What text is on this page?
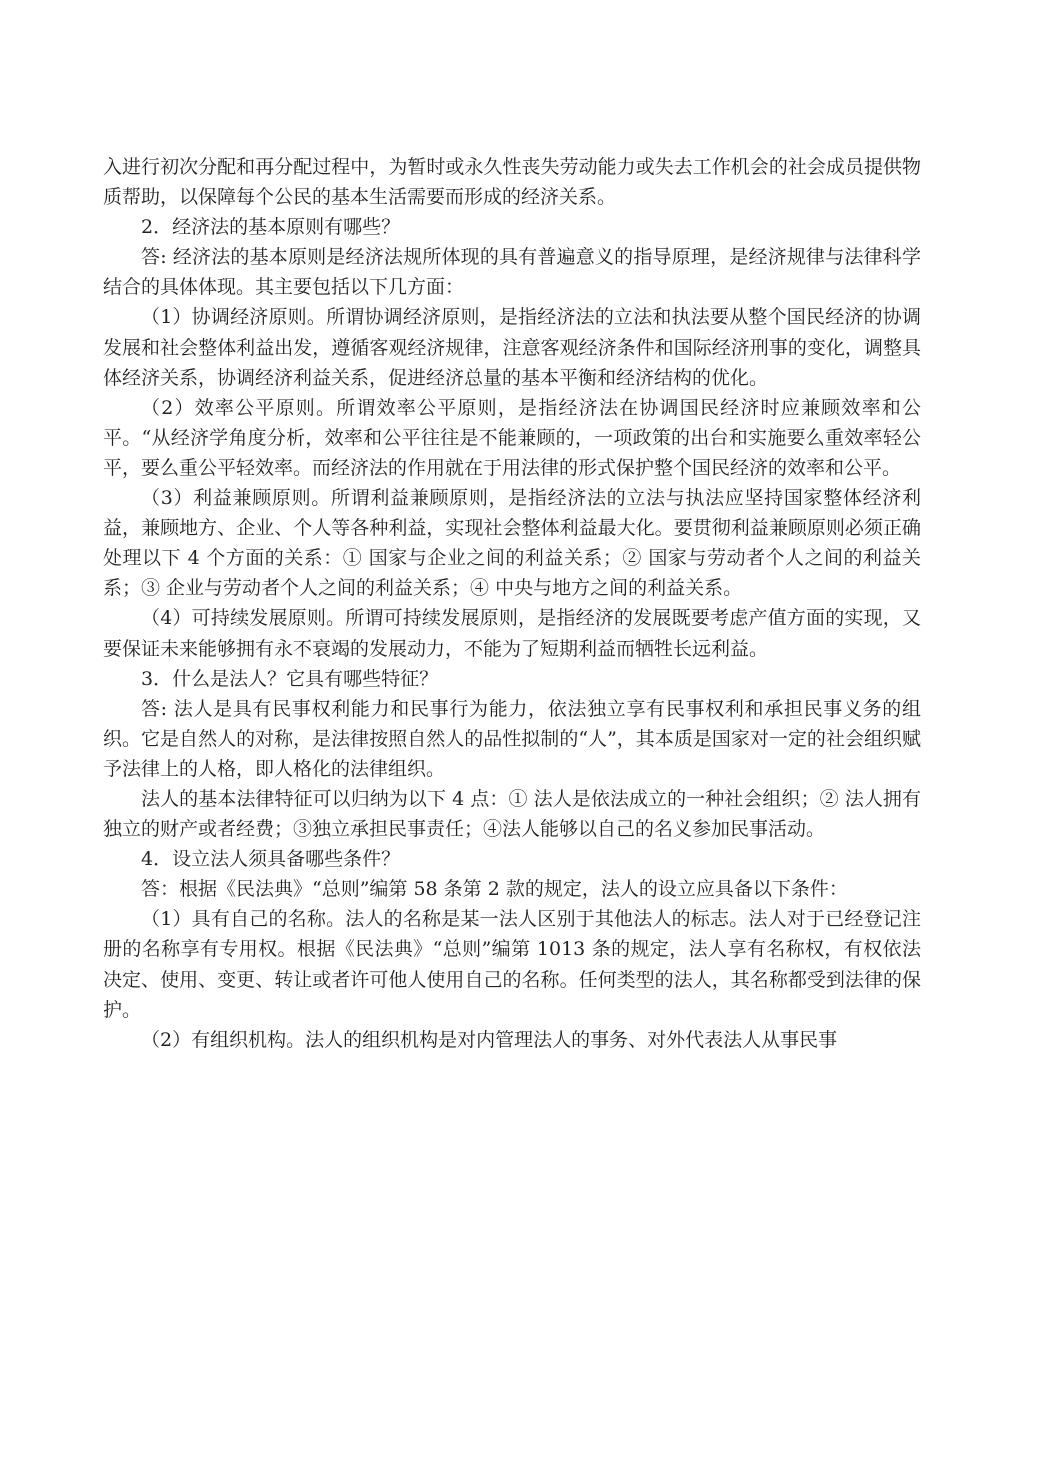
入进行初次分配和再分配过程中，为暂时或永久性丧失劳动能力或失去工作机会的社会成员提供物质帮助，以保障每个公民的基本生活需要而形成的经济关系。

2．经济法的基本原则有哪些？

答: 经济法的基本原则是经济法规所体现的具有普遍意义的指导原理，是经济规律与法律科学结合的具体体现。其主要包括以下几方面：

（1）协调经济原则。所谓协调经济原则，是指经济法的立法和执法要从整个国民经济的协调发展和社会整体利益出发，遵循客观经济规律，注意客观经济条件和国际经济刑事的变化，调整具体经济关系，协调经济利益关系，促进经济总量的基本平衡和经济结构的优化。

（2）效率公平原则。所谓效率公平原则，是指经济法在协调国民经济时应兼顾效率和公平。“从经济学角度分析，效率和公平往往是不能兼顾的，一项政策的出台和实施要么重效率轻公平，要么重公平轻效率。而经济法的作用就在于用法律的形式保护整个国民经济的效率和公平。

（3）利益兼顾原则。所谓利益兼顾原则，是指经济法的立法与执法应坚持国家整体经济利益，兼顾地方、企业、个人等各种利益，实现社会整体利益最大化。要贯彻利益兼顾原则必须正确处理以下 4 个方面的关系：① 国家与企业之间的利益关系；② 国家与劳动者个人之间的利益关系；③ 企业与劳动者个人之间的利益关系；④ 中央与地方之间的利益关系。

（4）可持续发展原则。所谓可持续发展原则，是指经济的发展既要考虑产值方面的实现，又要保证未来能够拥有永不衰竭的发展动力，不能为了短期利益而牺牲长远利益。

3．什么是法人？它具有哪些特征？

答: 法人是具有民事权利能力和民事行为能力，依法独立享有民事权利和承担民事义务的组织。它是自然人的对称，是法律按照自然人的品性拟制的“人”，其本质是国家对一定的社会组织赋予法律上的人格，即人格化的法律组织。

法人的基本法律特征可以归纳为以下 4 点：① 法人是依法成立的一种社会组织；② 法人拥有独立的财产或者经费；③独立承担民事责任；④法人能够以自己的名义参加民事活动。

4．设立法人须具备哪些条件？

答：根据《民法典》“总则”编第 58 条第 2 款的规定，法人的设立应具备以下条件：

（1）具有自己的名称。法人的名称是某一法人区别于其他法人的标志。法人对于已经登记注册的名称享有专用权。根据《民法典》“总则”编第 1013 条的规定，法人享有名称权，有权依法决定、使用、变更、转让或者许可他人使用自己的名称。任何类型的法人，其名称都受到法律的保护。

（2）有组织机构。法人的组织机构是对内管理法人的事务、对外代表法人从事民事
